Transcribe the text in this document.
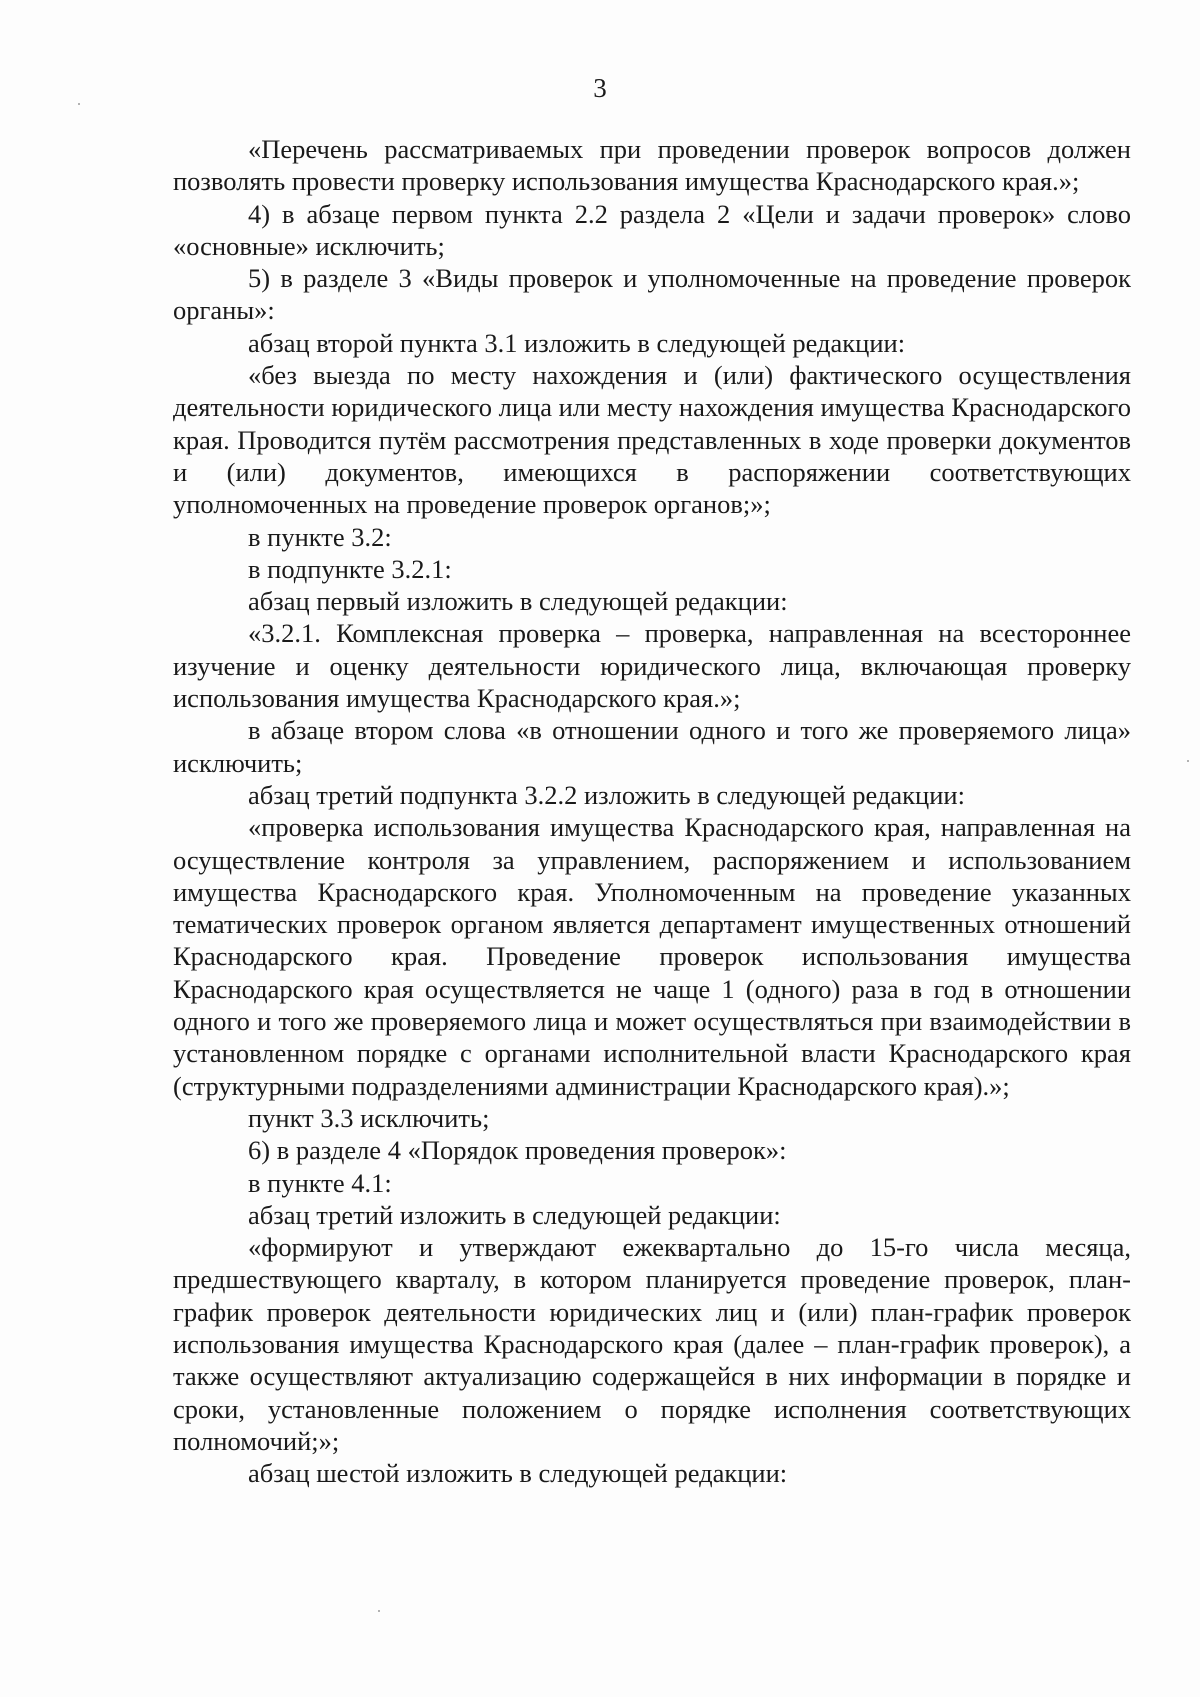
3

«Перечень рассматриваемых при проведении проверок вопросов должен позволять провести проверку использования имущества Краснодарского края.»;

4) в абзаце первом пункта 2.2 раздела 2 «Цели и задачи проверок» слово «основные» исключить;

5) в разделе 3 «Виды проверок и уполномоченные на проведение проверок органы»:

абзац второй пункта 3.1 изложить в следующей редакции:

«без выезда по месту нахождения и (или) фактического осуществления деятельности юридического лица или месту нахождения имущества Краснодарского края. Проводится путём рассмотрения представленных в ходе проверки документов и (или) документов, имеющихся в распоряжении соответствующих уполномоченных на проведение проверок органов;»;

в пункте 3.2:

в подпункте 3.2.1:

абзац первый изложить в следующей редакции:

«3.2.1. Комплексная проверка – проверка, направленная на всестороннее изучение и оценку деятельности юридического лица, включающая проверку использования имущества Краснодарского края.»;

в абзаце втором слова «в отношении одного и того же проверяемого лица» исключить;

абзац третий подпункта 3.2.2 изложить в следующей редакции:

«проверка использования имущества Краснодарского края, направленная на осуществление контроля за управлением, распоряжением и использованием имущества Краснодарского края. Уполномоченным на проведение указанных тематических проверок органом является департамент имущественных отношений Краснодарского края. Проведение проверок использования имущества Краснодарского края осуществляется не чаще 1 (одного) раза в год в отношении одного и того же проверяемого лица и может осуществляться при взаимодействии в установленном порядке с органами исполнительной власти Краснодарского края (структурными подразделениями администрации Краснодарского края).»;

пункт 3.3 исключить;

6) в разделе 4 «Порядок проведения проверок»:

в пункте 4.1:

абзац третий изложить в следующей редакции:

«формируют и утверждают ежеквартально до 15-го числа месяца, предшествующего кварталу, в котором планируется проведение проверок, план-график проверок деятельности юридических лиц и (или) план-график проверок использования имущества Краснодарского края (далее – план-график проверок), а также осуществляют актуализацию содержащейся в них информации в порядке и сроки, установленные положением о порядке исполнения соответствующих полномочий;»;

абзац шестой изложить в следующей редакции:
